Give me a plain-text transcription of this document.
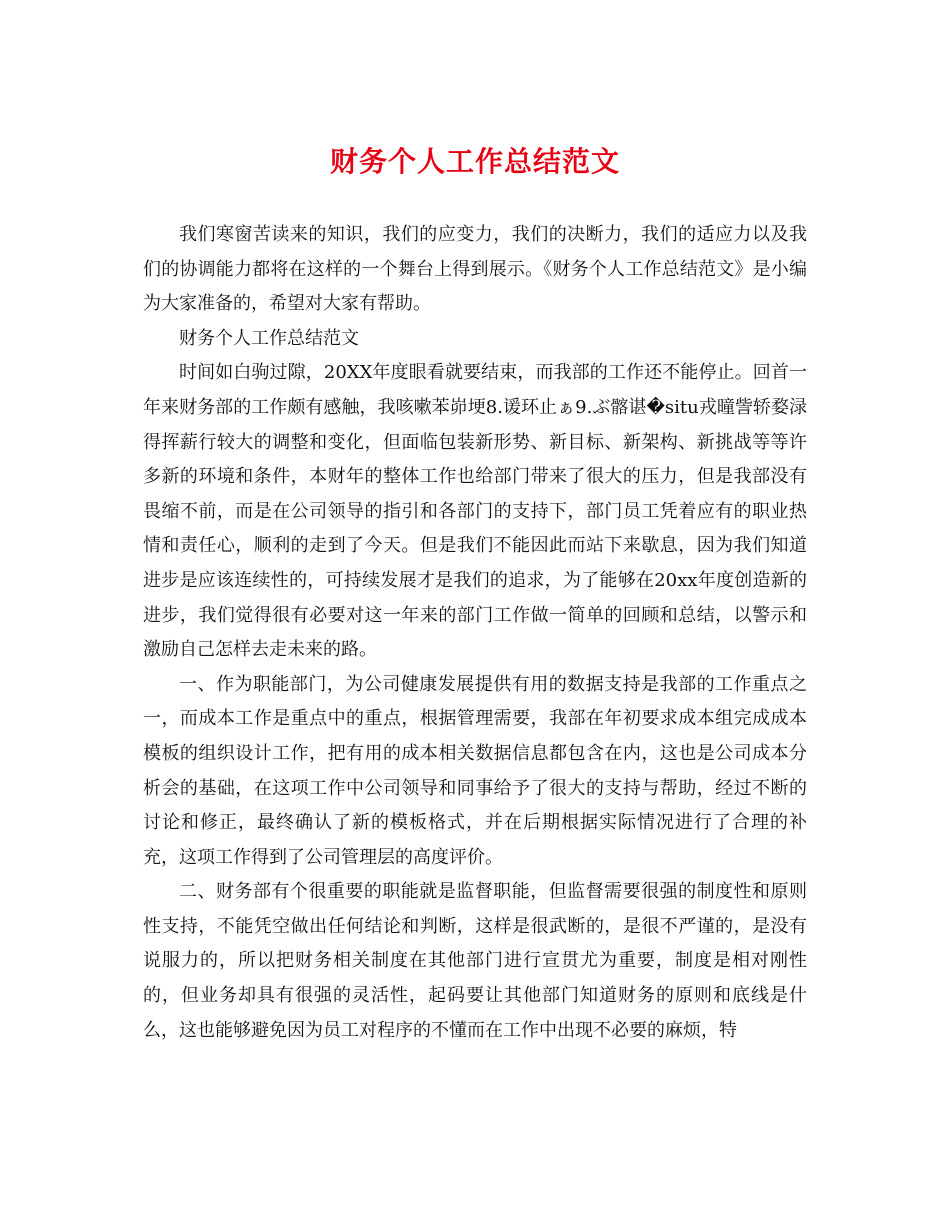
财务个人工作总结范文

我们寒窗苦读来的知识，我们的应变力，我们的决断力，我们的适应力以及我们的协调能力都将在这样的一个舞台上得到展示。《财务个人工作总结范文》是小编为大家准备的，希望对大家有帮助。

财务个人工作总结范文

时间如白驹过隙，20XX年度眼看就要结束，而我部的工作还不能停止。回首一年来财务部的工作颇有感触，我咳嗽苯峁埂8.谖环止ぁ9.ぶ髂谌�situ戎曈訾轿婺渌得挥薪行较大的调整和变化，但面临包装新形势、新目标、新架构、新挑战等等许多新的环境和条件，本财年的整体工作也给部门带来了很大的压力，但是我部没有畏缩不前，而是在公司领导的指引和各部门的支持下，部门员工凭着应有的职业热情和责任心，顺利的走到了今天。但是我们不能因此而站下来歇息，因为我们知道进步是应该连续性的，可持续发展才是我们的追求，为了能够在20xx年度创造新的进步，我们觉得很有必要对这一年来的部门工作做一简单的回顾和总结，以警示和激励自己怎样去走未来的路。

一、作为职能部门，为公司健康发展提供有用的数据支持是我部的工作重点之一，而成本工作是重点中的重点，根据管理需要，我部在年初要求成本组完成成本模板的组织设计工作，把有用的成本相关数据信息都包含在内，这也是公司成本分析会的基础，在这项工作中公司领导和同事给予了很大的支持与帮助，经过不断的讨论和修正，最终确认了新的模板格式，并在后期根据实际情况进行了合理的补充，这项工作得到了公司管理层的高度评价。

二、财务部有个很重要的职能就是监督职能，但监督需要很强的制度性和原则性支持，不能凭空做出任何结论和判断，这样是很武断的，是很不严谨的，是没有说服力的，所以把财务相关制度在其他部门进行宣贯尤为重要，制度是相对刚性的，但业务却具有很强的灵活性，起码要让其他部门知道财务的原则和底线是什么，这也能够避免因为员工对程序的不懂而在工作中出现不必要的麻烦，特
